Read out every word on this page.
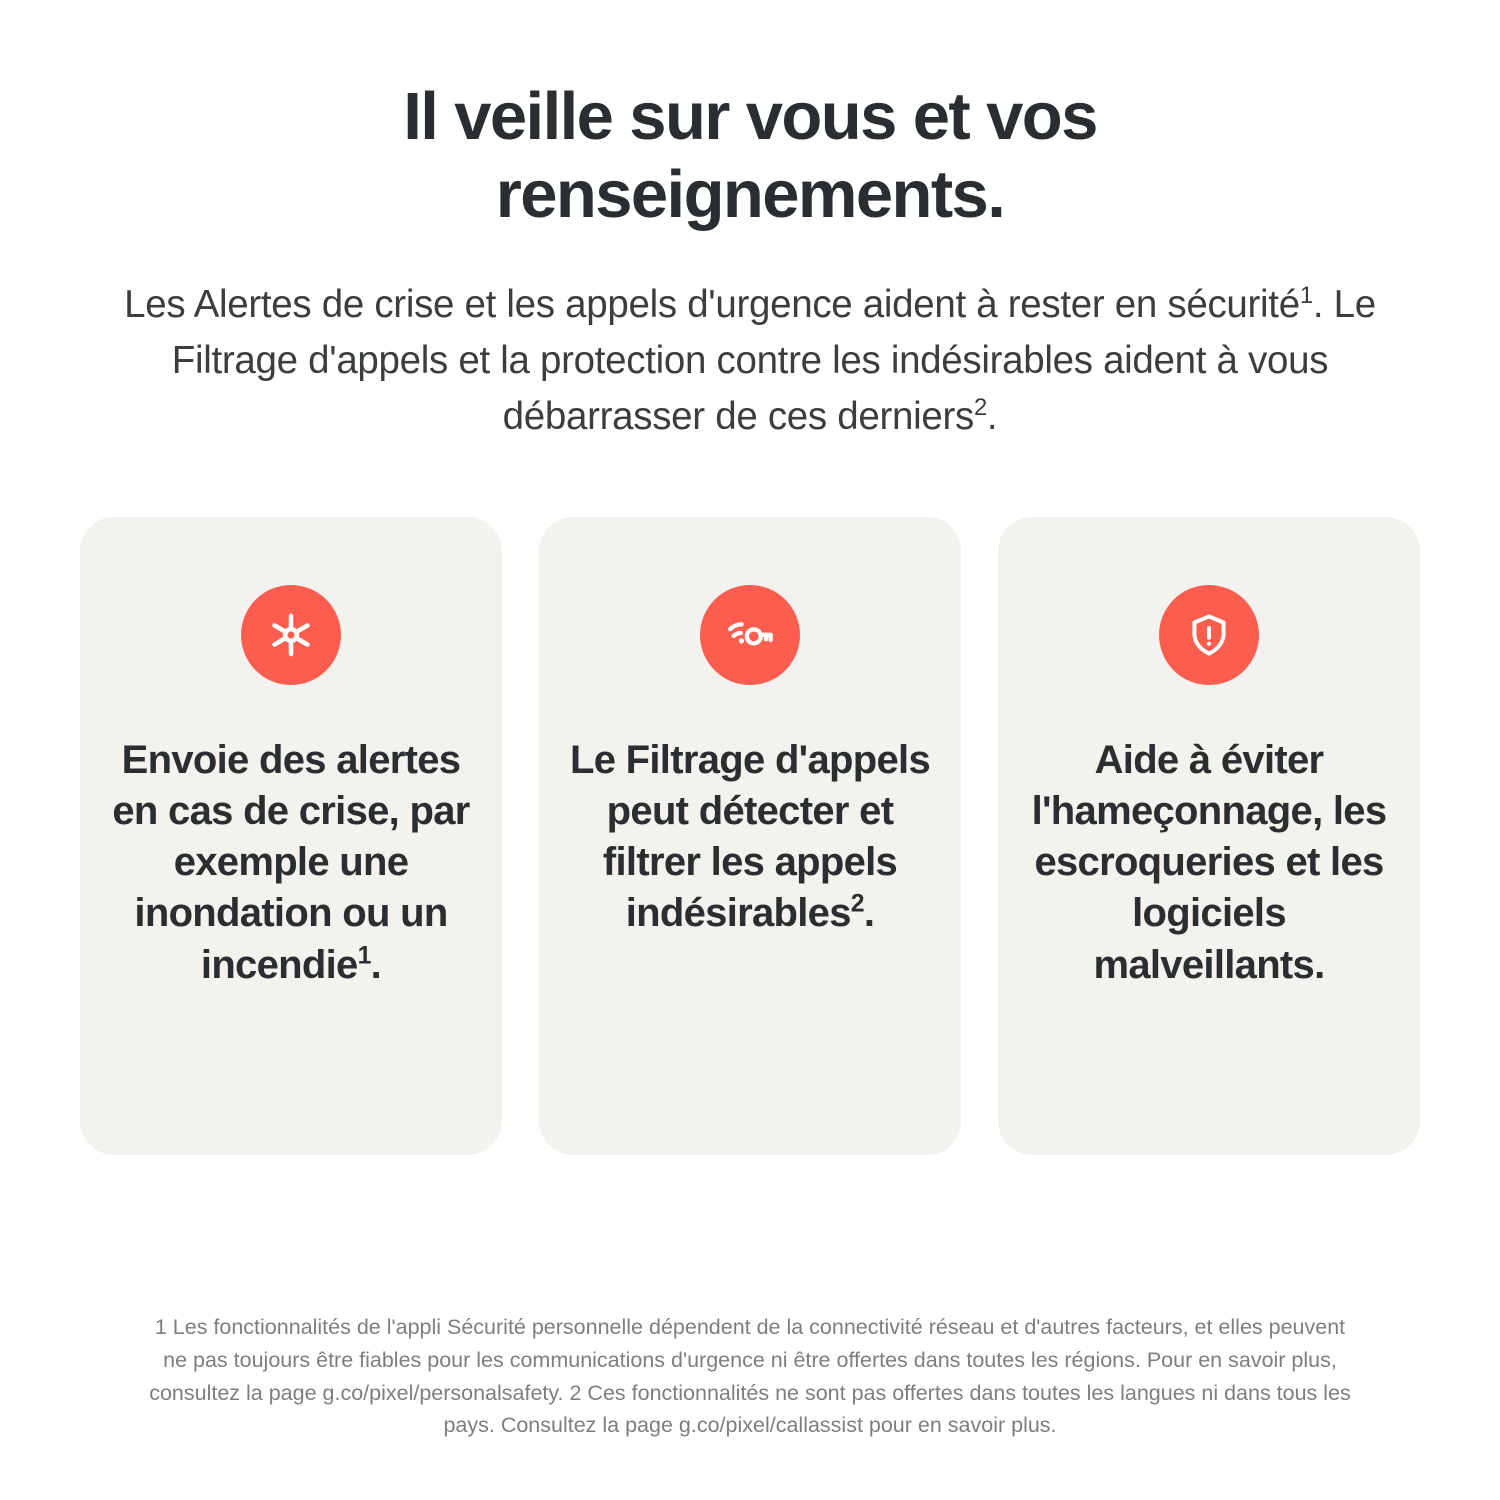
Il veille sur vous et vos renseignements.

Les Alertes de crise et les appels d'urgence aident à rester en sécurité$^1$. Le Filtrage d'appels et la protection contre les indésirables aident à vous débarrasser de ces derniers$^2$.

Envoie des alertes en cas de crise, par exemple une inondation ou un incendie$^1$.
Le Filtrage d'appels peut détecter et filtrer les appels indésirables$^2$.
Aide à éviter l'hameçonnage, les escroqueries et les logiciels malveillants.
1 Les fonctionnalités de l'appli Sécurité personnelle dépendent de la connectivité réseau et d'autres facteurs, et elles peuvent ne pas toujours être fiables pour les communications d'urgence ni être offertes dans toutes les régions. Pour en savoir plus, consultez la page g.co/pixel/personalsafety. 2 Ces fonctionnalités ne sont pas offertes dans toutes les langues ni dans tous les pays. Consultez la page g.co/pixel/callassist pour en savoir plus.
